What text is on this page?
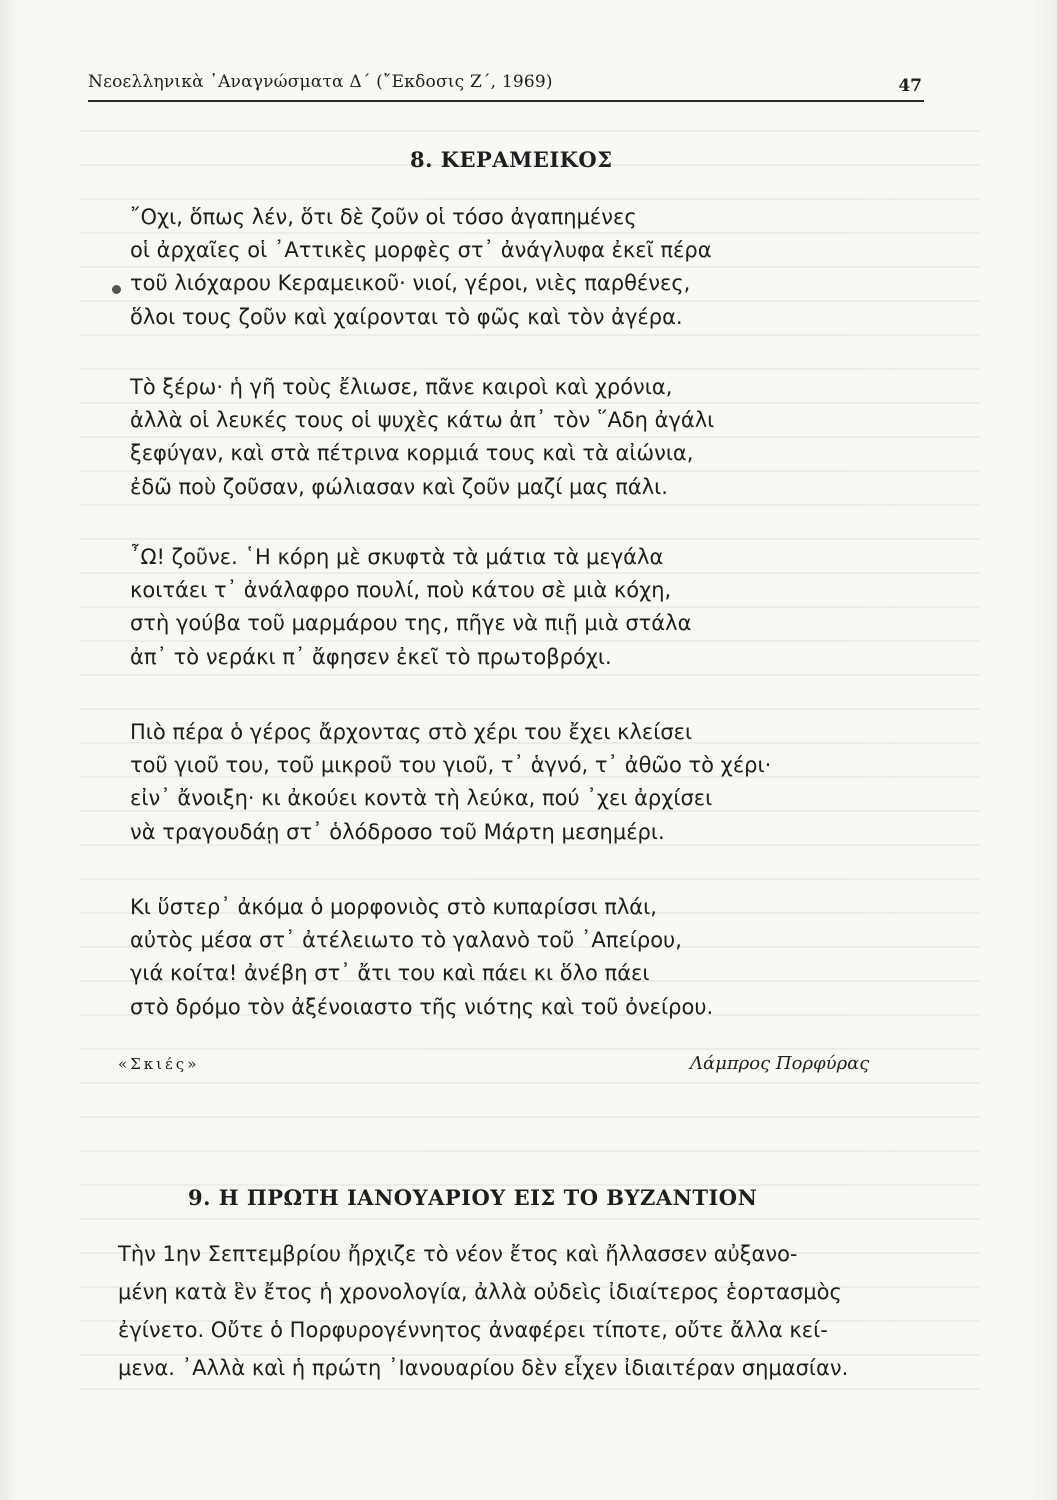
Νεοελληνικὰ ᾿Αναγνώσματα Δ΄ (῎Εκδοσις Ζ΄, 1969)	47
8. ΚΕΡΑΜΕΙΚΟΣ
῎Οχι, ὅπως λέν, ὅτι δὲ ζοῦν οἱ τόσο ἀγαπημένες
οἱ ἀρχαῖες οἱ ᾿Αττικὲς μορφὲς στ᾿ ἀνάγλυφα ἐκεῖ πέρα
τοῦ λιόχαρου Κεραμεικοῦ· νιοί, γέροι, νιὲς παρθένες,
ὅλοι τους ζοῦν καὶ χαίρονται τὸ φῶς καὶ τὸν ἀγέρα.
Τὸ ξέρω· ἡ γῆ τοὺς ἔλιωσε, πᾶνε καιροὶ καὶ χρόνια,
ἀλλὰ οἱ λευκές τους οἱ ψυχὲς κάτω ἀπ᾿ τὸν ῞Αδη ἀγάλι
ξεφύγαν, καὶ στὰ πέτρινα κορμιά τους καὶ τὰ αἰώνια,
ἐδῶ ποὺ ζοῦσαν, φώλιασαν καὶ ζοῦν μαζί μας πάλι.
῏Ω! ζοῦνε. ῾Η κόρη μὲ σκυφτὰ τὰ μάτια τὰ μεγάλα
κοιτάει τ᾿ ἀνάλαφρο πουλί, ποὺ κάτου σὲ μιὰ κόχη,
στὴ γούβα τοῦ μαρμάρου της, πῆγε νὰ πιῇ μιὰ στάλα
ἀπ᾿ τὸ νεράκι π᾿ ἄφησεν ἐκεῖ τὸ πρωτοβρόχι.
Πιὸ πέρα ὁ γέρος ἄρχοντας στὸ χέρι του ἔχει κλείσει
τοῦ γιοῦ του, τοῦ μικροῦ του γιοῦ, τ᾿ ἁγνό, τ᾿ ἀθῶο τὸ χέρι·
εἰν᾿ ἄνοιξη· κι ἀκούει κοντὰ τὴ λεύκα, πού ᾿χει ἀρχίσει
νὰ τραγουδάῃ στ᾿ ὁλόδροσο τοῦ Μάρτη μεσημέρι.
Κι ὕστερ᾿ ἀκόμα ὁ μορφονιὸς στὸ κυπαρίσσι πλάι,
αὐτὸς μέσα στ᾿ ἀτέλειωτο τὸ γαλανὸ τοῦ ᾿Απείρου,
γιά κοίτα! ἀνέβη στ᾿ ἄτι του καὶ πάει κι ὅλο πάει
στὸ δρόμο τὸν ἀξένοιαστο τῆς νιότης καὶ τοῦ ὀνείρου.
«Σκιές»	Λάμπρος Πορφύρας
9. Η ΠΡΩΤΗ ΙΑΝΟΥΑΡΙΟΥ ΕΙΣ ΤΟ ΒΥΖΑΝΤΙΟΝ
Τὴν 1ην Σεπτεμβρίου ἤρχιζε τὸ νέον ἔτος καὶ ἤλλασσεν αὐξανο-
μένη κατὰ ἓν ἔτος ἡ χρονολογία, ἀλλὰ οὐδεὶς ἰδιαίτερος ἑορτασμὸς
ἐγίνετο. Οὔτε ὁ Πορφυρογέννητος ἀναφέρει τίποτε, οὔτε ἄλλα κεί-
μενα. ᾿Αλλὰ καὶ ἡ πρώτη ᾿Ιανουαρίου δὲν εἶχεν ἰδιαιτέραν σημασίαν.
